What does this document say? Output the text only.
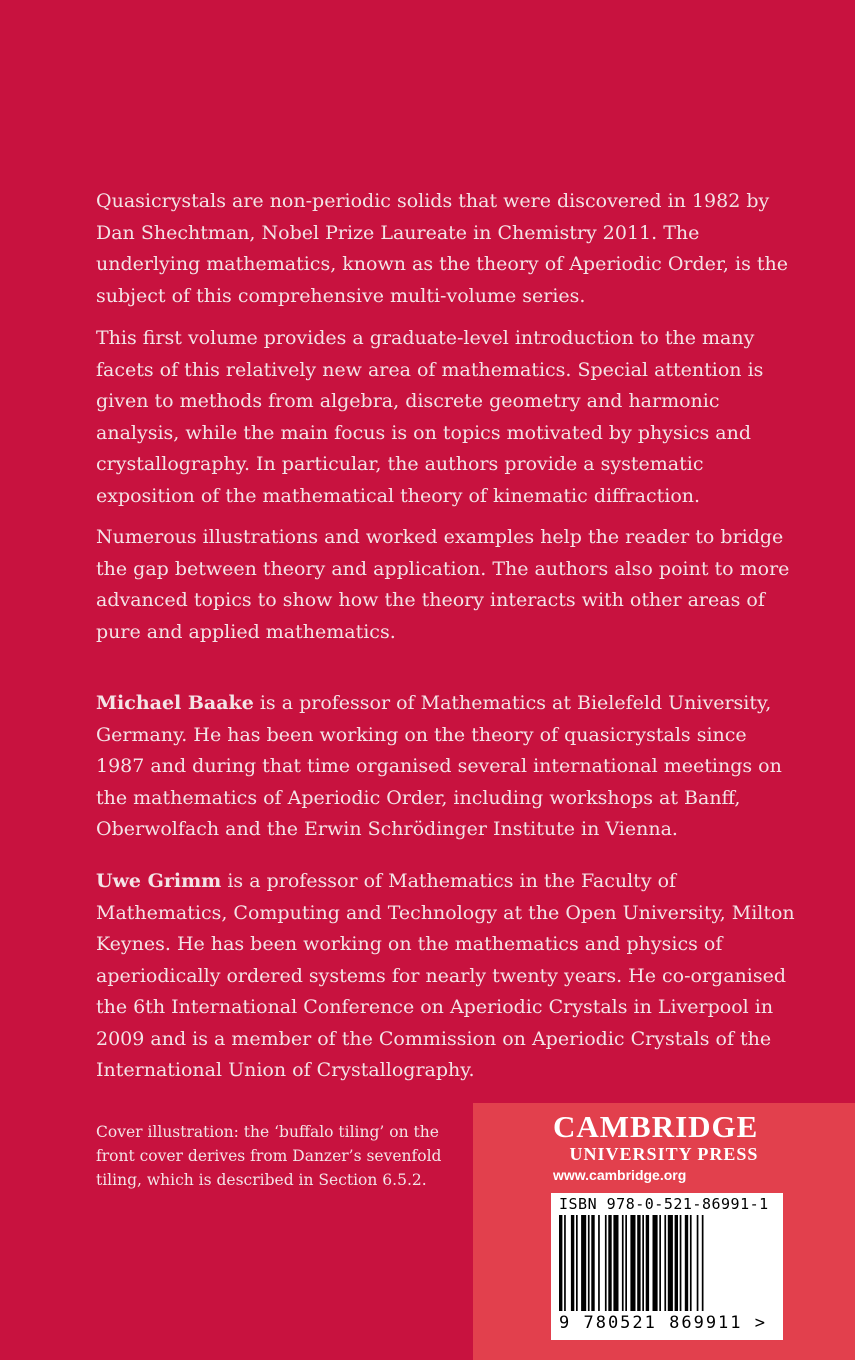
Quasicrystals are non-periodic solids that were discovered in 1982 by Dan Shechtman, Nobel Prize Laureate in Chemistry 2011. The underlying mathematics, known as the theory of Aperiodic Order, is the subject of this comprehensive multi-volume series.

This first volume provides a graduate-level introduction to the many facets of this relatively new area of mathematics. Special attention is given to methods from algebra, discrete geometry and harmonic analysis, while the main focus is on topics motivated by physics and crystallography. In particular, the authors provide a systematic exposition of the mathematical theory of kinematic diffraction.

Numerous illustrations and worked examples help the reader to bridge the gap between theory and application. The authors also point to more advanced topics to show how the theory interacts with other areas of pure and applied mathematics.

Michael Baake is a professor of Mathematics at Bielefeld University, Germany. He has been working on the theory of quasicrystals since 1987 and during that time organised several international meetings on the mathematics of Aperiodic Order, including workshops at Banff, Oberwolfach and the Erwin Schrödinger Institute in Vienna.

Uwe Grimm is a professor of Mathematics in the Faculty of Mathematics, Computing and Technology at the Open University, Milton Keynes. He has been working on the mathematics and physics of aperiodically ordered systems for nearly twenty years. He co-organised the 6th International Conference on Aperiodic Crystals in Liverpool in 2009 and is a member of the Commission on Aperiodic Crystals of the International Union of Crystallography.

Cover illustration: the ‘buffalo tiling’ on the front cover derives from Danzer’s sevenfold tiling, which is described in Section 6.5.2.

CAMBRIDGE
UNIVERSITY PRESS
www.cambridge.org
ISBN 978-0-521-86991-1
9 780521 869911 >
